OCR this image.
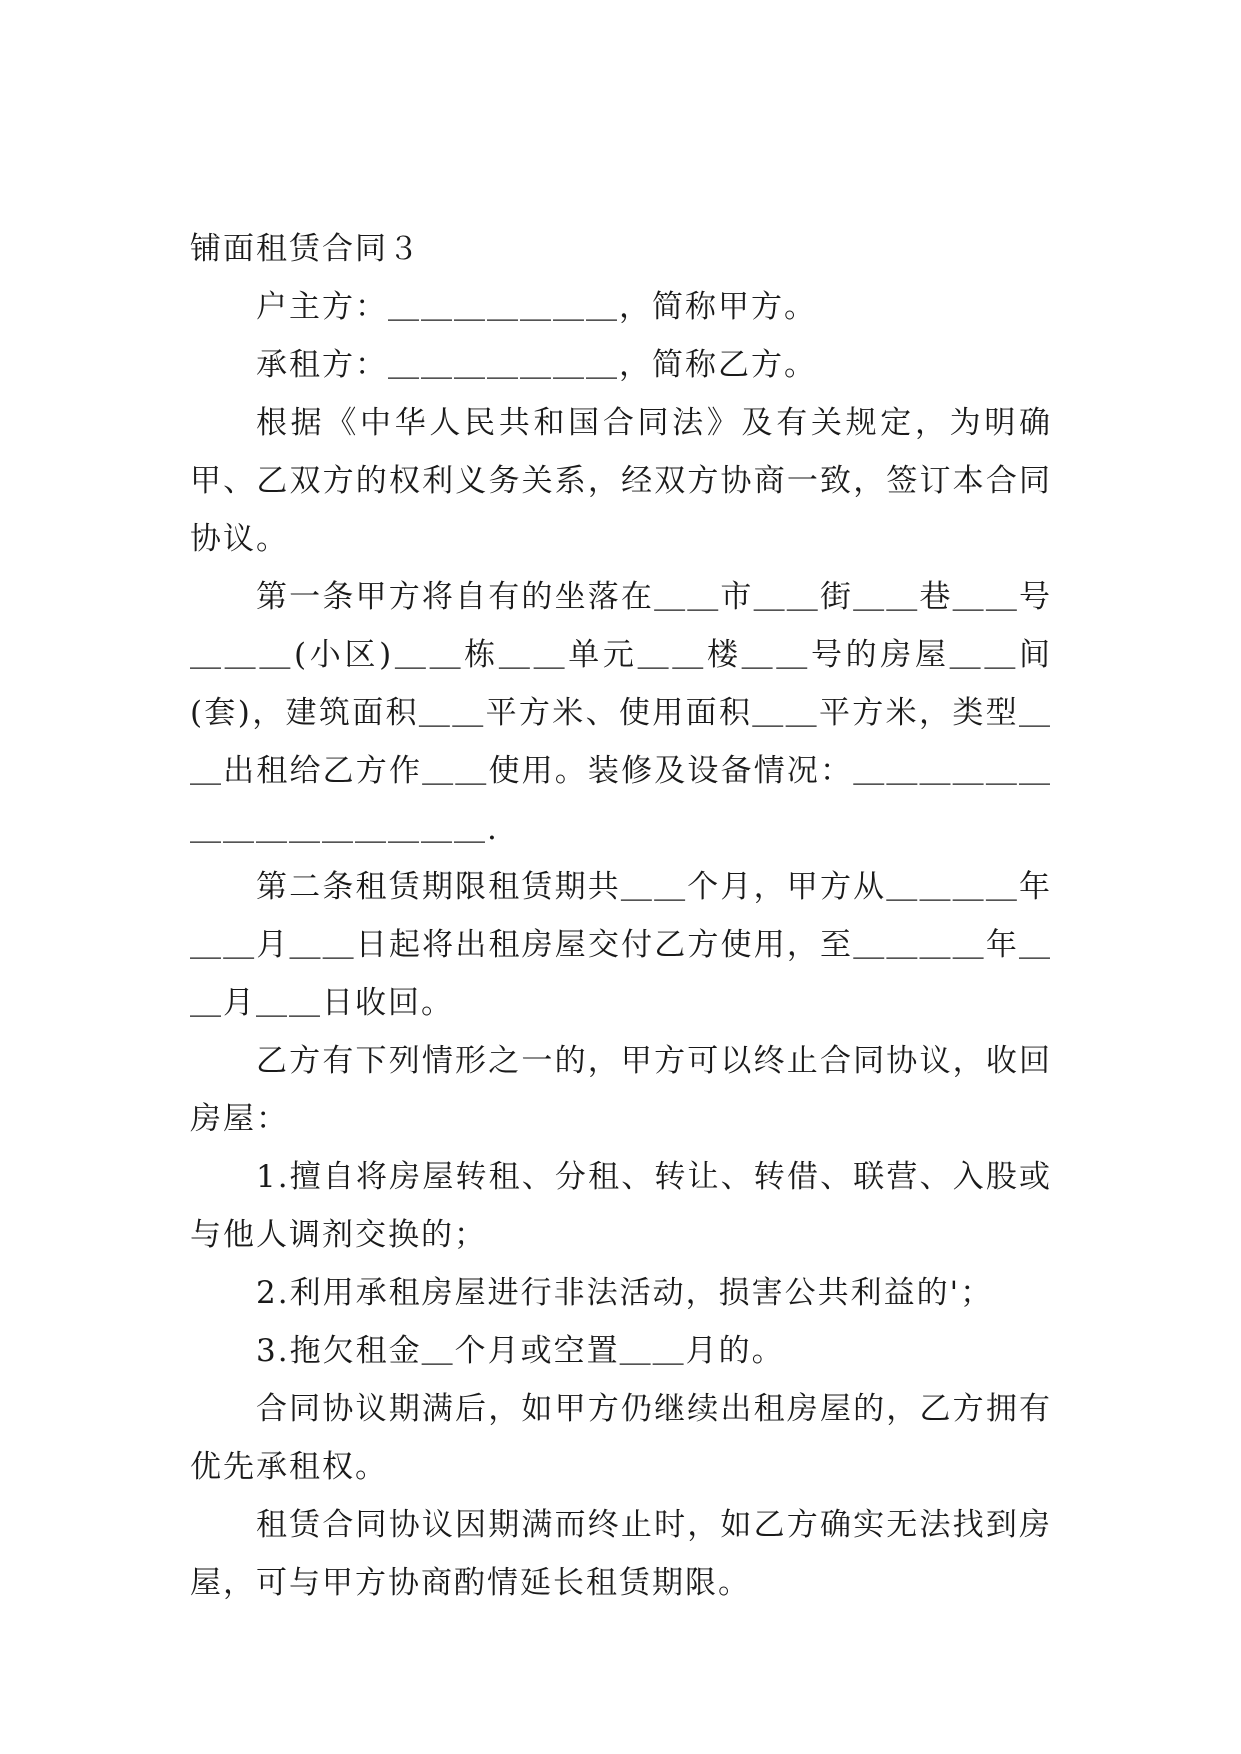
铺面租赁合同３

户主方：＿＿＿＿＿＿＿，简称甲方。

承租方：＿＿＿＿＿＿＿，简称乙方。

根据《中华人民共和国合同法》及有关规定，为明确甲、乙双方的权利义务关系，经双方协商一致，签订本合同协议。

第一条甲方将自有的坐落在＿＿市＿＿街＿＿巷＿＿号＿＿＿(小区)＿＿栋＿＿单元＿＿楼＿＿号的房屋＿＿间(套)，建筑面积＿＿平方米、使用面积＿＿平方米，类型＿＿出租给乙方作＿＿使用。装修及设备情况：＿＿＿＿＿＿＿＿＿＿＿＿＿＿＿.

第二条租赁期限租赁期共＿＿个月，甲方从＿＿＿＿年＿＿月＿＿日起将出租房屋交付乙方使用，至＿＿＿＿年＿＿月＿＿日收回。

乙方有下列情形之一的，甲方可以终止合同协议，收回房屋：

1.擅自将房屋转租、分租、转让、转借、联营、入股或与他人调剂交换的；

2.利用承租房屋进行非法活动，损害公共利益的'；

3.拖欠租金＿个月或空置＿＿月的。

合同协议期满后，如甲方仍继续出租房屋的，乙方拥有优先承租权。

租赁合同协议因期满而终止时，如乙方确实无法找到房屋，可与甲方协商酌情延长租赁期限。
